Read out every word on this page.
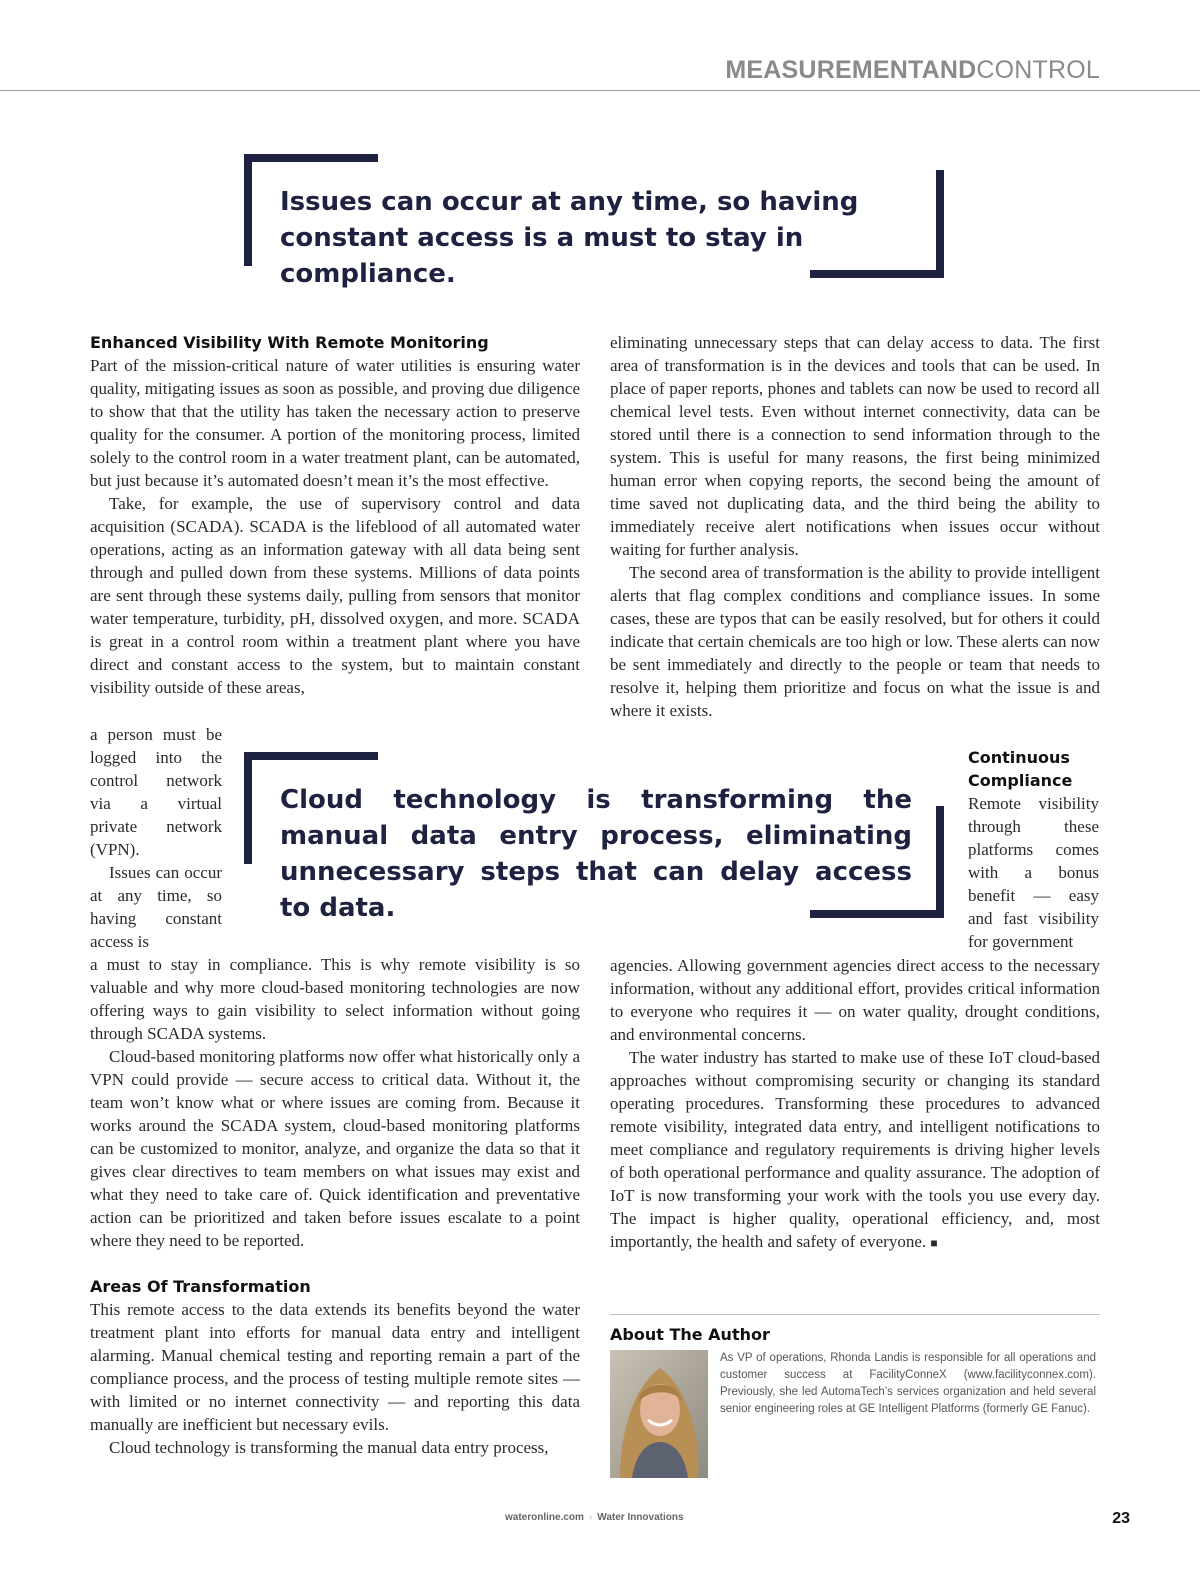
MEASUREMENTANDCONTROL
Issues can occur at any time, so having constant access is a must to stay in compliance.
Cloud technology is transforming the manual data entry process, eliminating unnecessary steps that can delay access to data.
Enhanced Visibility With Remote Monitoring

Part of the mission-critical nature of water utilities is ensuring water quality, mitigating issues as soon as possible, and proving due diligence to show that that the utility has taken the necessary action to preserve quality for the consumer. A portion of the monitoring process, limited solely to the control room in a water treatment plant, can be automated, but just because it’s automated doesn’t mean it’s the most effective.

Take, for example, the use of supervisory control and data acquisition (SCADA). SCADA is the lifeblood of all automated water operations, acting as an information gateway with all data being sent through and pulled down from these systems. Millions of data points are sent through these systems daily, pulling from sensors that monitor water temperature, turbidity, pH, dissolved oxygen, and more. SCADA is great in a control room within a treatment plant where you have direct and constant access to the system, but to maintain constant visibility outside of these areas,

a person must be logged into the control network via a virtual private network (VPN).

Issues can occur at any time, so having constant access is

a must to stay in compliance. This is why remote visibility is so valuable and why more cloud-based monitoring technologies are now offering ways to gain visibility to select information without going through SCADA systems.

Cloud-based monitoring platforms now offer what historically only a VPN could provide — secure access to critical data. Without it, the team won’t know what or where issues are coming from. Because it works around the SCADA system, cloud-based monitoring platforms can be customized to monitor, analyze, and organize the data so that it gives clear directives to team members on what issues may exist and what they need to take care of. Quick identification and preventative action can be prioritized and taken before issues escalate to a point where they need to be reported.

Areas Of Transformation

This remote access to the data extends its benefits beyond the water treatment plant into efforts for manual data entry and intelligent alarming. Manual chemical testing and reporting remain a part of the compliance process, and the process of testing multiple remote sites — with limited or no internet connectivity — and reporting this data manually are inefficient but necessary evils.

Cloud technology is transforming the manual data entry process,

eliminating unnecessary steps that can delay access to data. The first area of transformation is in the devices and tools that can be used. In place of paper reports, phones and tablets can now be used to record all chemical level tests. Even without internet connectivity, data can be stored until there is a connection to send information through to the system. This is useful for many reasons, the first being minimized human error when copying reports, the second being the amount of time saved not duplicating data, and the third being the ability to immediately receive alert notifications when issues occur without waiting for further analysis.

The second area of transformation is the ability to provide intelligent alerts that flag complex conditions and compliance issues. In some cases, these are typos that can be easily resolved, but for others it could indicate that certain chemicals are too high or low. These alerts can now be sent immediately and directly to the people or team that needs to resolve it, helping them prioritize and focus on what the issue is and where it exists.

Continuous Compliance

Remote visibility through these platforms comes with a bonus benefit — easy and fast visibility for government

agencies. Allowing government agencies direct access to the necessary information, without any additional effort, provides critical information to everyone who requires it — on water quality, drought conditions, and environmental concerns.

The water industry has started to make use of these IoT cloud-based approaches without compromising security or changing its standard operating procedures. Transforming these procedures to advanced remote visibility, integrated data entry, and intelligent notifications to meet compliance and regulatory requirements is driving higher levels of both operational performance and quality assurance. The adoption of IoT is now transforming your work with the tools you use every day. The impact is higher quality, operational efficiency, and, most importantly, the health and safety of everyone. ■

About The Author
As VP of operations, Rhonda Landis is responsible for all operations and customer success at FacilityConneX (www.facilityconnex.com). Previously, she led AutomaTech’s services organization and held several senior engineering roles at GE Intelligent Platforms (formerly GE Fanuc).
wateronline.com › Water Innovations	23
